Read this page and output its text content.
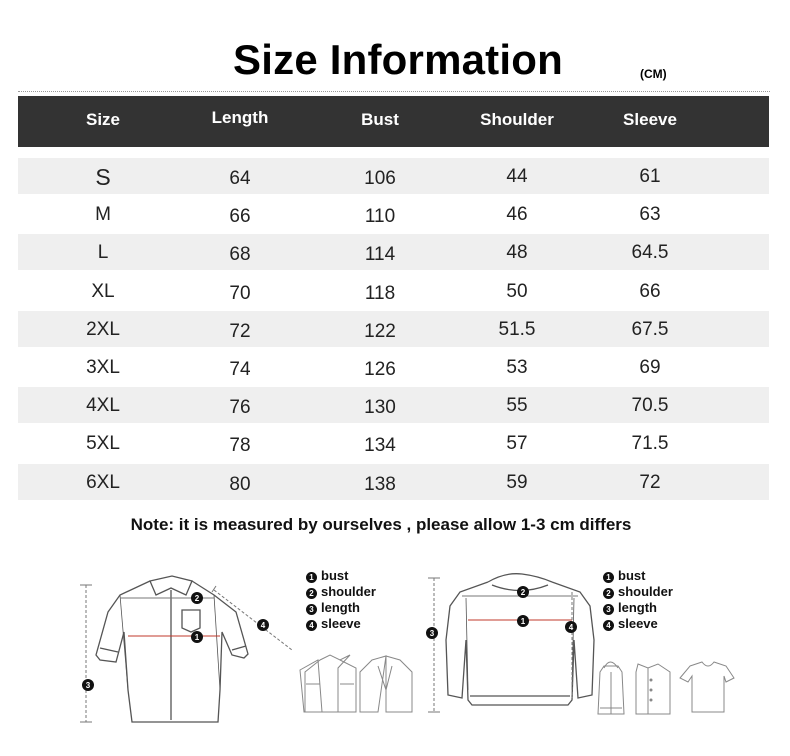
Size Information	(CM)
Size	Length	Bust	Shoulder	Sleeve
S	64	106	44	61
M	66	110	46	63
L	68	114	48	64.5
XL	70	118	50	66
2XL	72	122	51.5	67.5
3XL	74	126	53	69
4XL	76	130	55	70.5
5XL	78	134	57	71.5
6XL	80	138	59	72
Note: it is measured by ourselves , please allow 1-3 cm differs
1
2
3
4	1
2
3
4
1 bust
2 shoulder
3 length
4 sleeve
1 bust
2 shoulder
3 length
4 sleeve
